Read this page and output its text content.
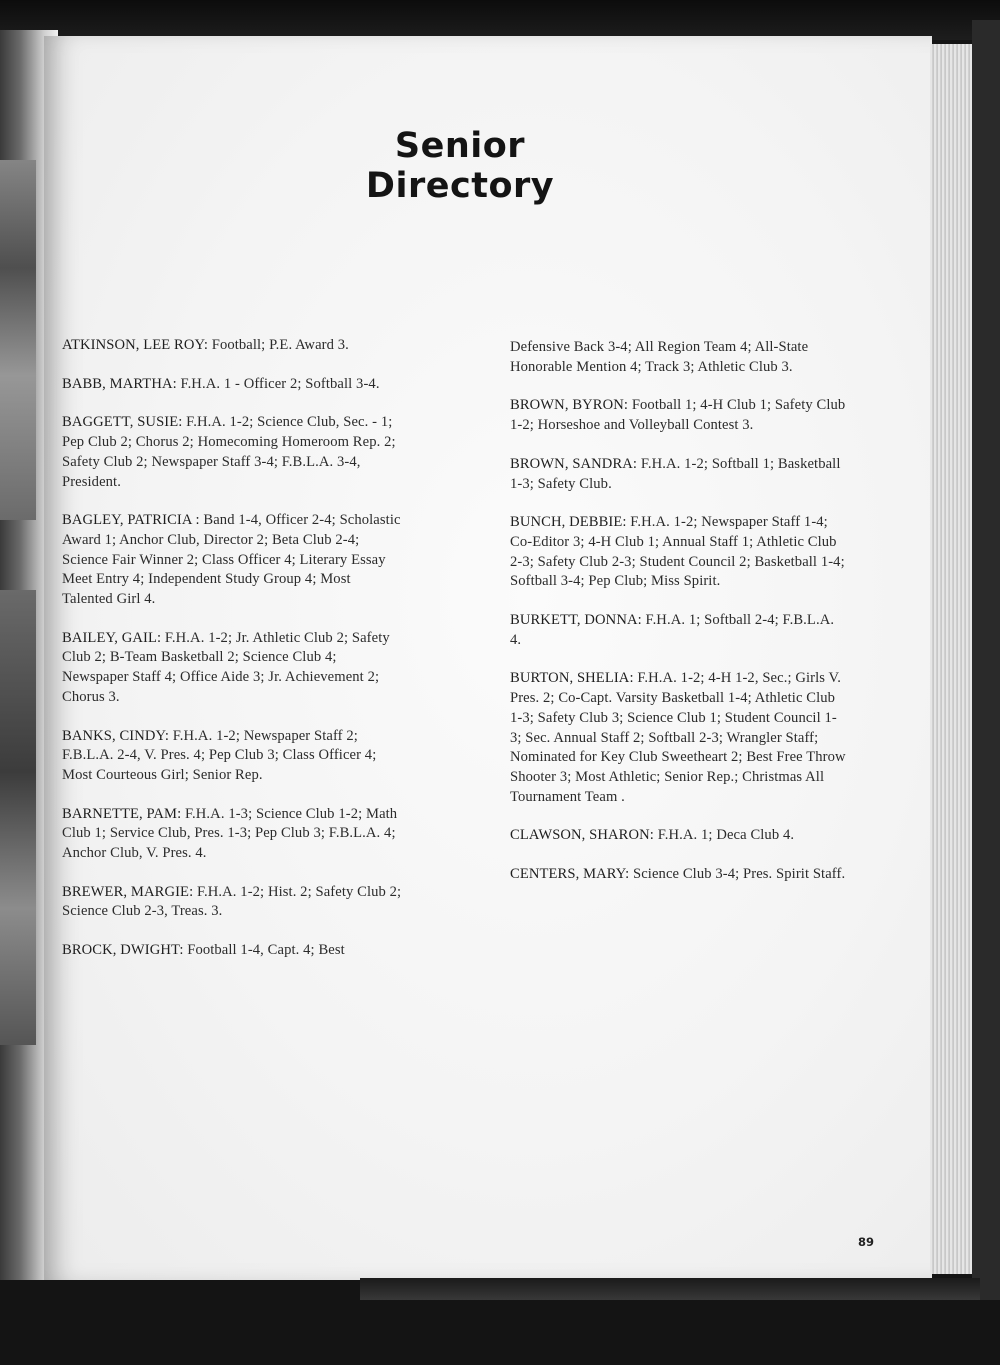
Senior Directory

ATKINSON, LEE ROY: Football; P.E. Award 3.

BABB, MARTHA: F.H.A. 1 - Officer 2; Softball 3-4.

BAGGETT, SUSIE: F.H.A. 1-2; Science Club, Sec. - 1; Pep Club 2; Chorus 2; Homecoming Homeroom Rep. 2; Safety Club 2; Newspaper Staff 3-4; F.B.L.A. 3-4, President.

BAGLEY, PATRICIA : Band 1-4, Officer 2-4; Scholastic Award 1; Anchor Club, Director 2; Beta Club 2-4; Science Fair Winner 2; Class Officer 4; Literary Essay Meet Entry 4; Independent Study Group 4; Most Talented Girl 4.

BAILEY, GAIL: F.H.A. 1-2; Jr. Athletic Club 2; Safety Club 2; B-Team Basketball 2; Science Club 4; Newspaper Staff 4; Office Aide 3; Jr. Achievement 2; Chorus 3.

BANKS, CINDY: F.H.A. 1-2; Newspaper Staff 2; F.B.L.A. 2-4, V. Pres. 4; Pep Club 3; Class Officer 4; Most Courteous Girl; Senior Rep.

BARNETTE, PAM: F.H.A. 1-3; Science Club 1-2; Math Club 1; Service Club, Pres. 1-3; Pep Club 3; F.B.L.A. 4; Anchor Club, V. Pres. 4.

BREWER, MARGIE: F.H.A. 1-2; Hist. 2; Safety Club 2; Science Club 2-3, Treas. 3.

BROCK, DWIGHT: Football 1-4, Capt. 4; Best

Defensive Back 3-4; All Region Team 4; All-State Honorable Mention 4; Track 3; Athletic Club 3.

BROWN, BYRON: Football 1; 4-H Club 1; Safety Club 1-2; Horseshoe and Volleyball Contest 3.

BROWN, SANDRA: F.H.A. 1-2; Softball 1; Basketball 1-3; Safety Club.

BUNCH, DEBBIE: F.H.A. 1-2; Newspaper Staff 1-4; Co-Editor 3; 4-H Club 1; Annual Staff 1; Athletic Club 2-3; Safety Club 2-3; Student Council 2; Basketball 1-4; Softball 3-4; Pep Club; Miss Spirit.

BURKETT, DONNA: F.H.A. 1; Softball 2-4; F.B.L.A. 4.

BURTON, SHELIA: F.H.A. 1-2; 4-H 1-2, Sec.; Girls V. Pres. 2; Co-Capt. Varsity Basketball 1-4; Athletic Club 1-3; Safety Club 3; Science Club 1; Student Council 1-3; Sec. Annual Staff 2; Softball 2-3; Wrangler Staff; Nominated for Key Club Sweetheart 2; Best Free Throw Shooter 3; Most Athletic; Senior Rep.; Christmas All Tournament Team .

CLAWSON, SHARON: F.H.A. 1; Deca Club 4.

CENTERS, MARY: Science Club 3-4; Pres. Spirit Staff.

89
